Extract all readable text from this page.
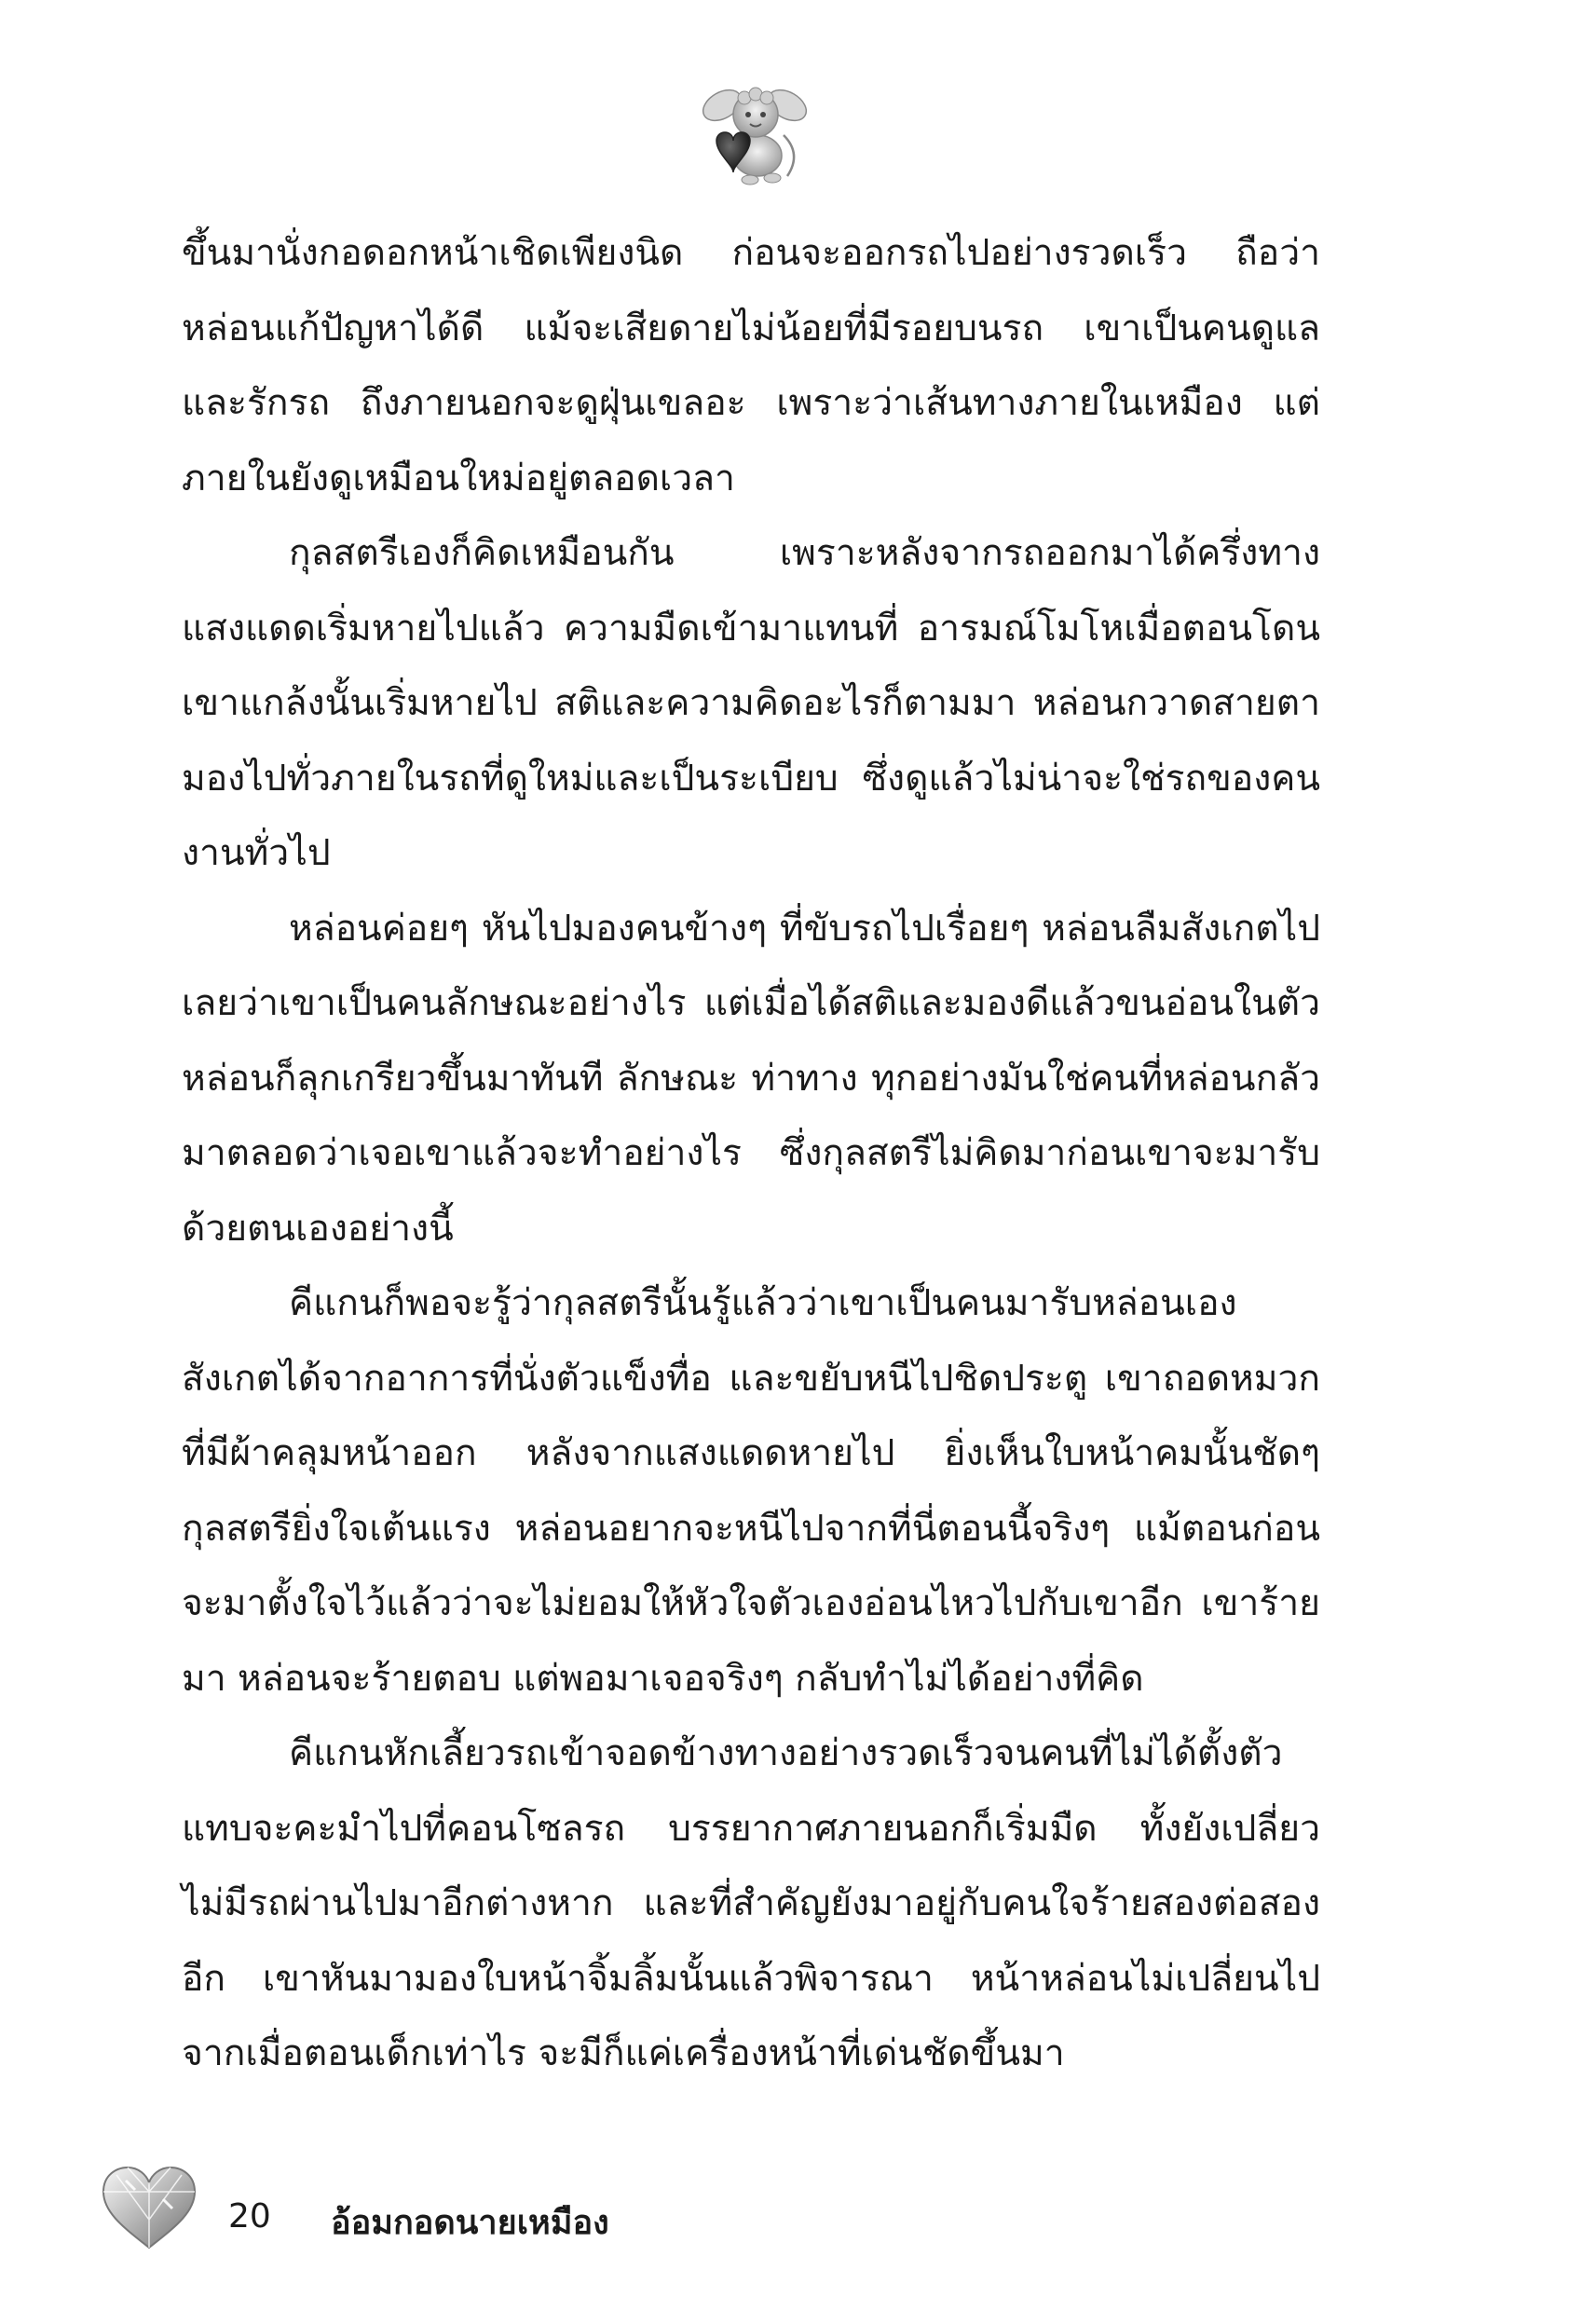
ขึ้นมานั่งกอดอกหน้าเชิดเพียงนิด ก่อนจะออกรถไปอย่างรวดเร็ว ถือว่าหล่อนแก้ปัญหาได้ดี แม้จะเสียดายไม่น้อยที่มีรอยบนรถ เขาเป็นคนดูแลและรักรถ ถึงภายนอกจะดูฝุ่นเขลอะ เพราะว่าเส้นทางภายในเหมือง แต่ภายในยังดูเหมือนใหม่อยู่ตลอดเวลา

กุลสตรีเองก็คิดเหมือนกัน เพราะหลังจากรถออกมาได้ครึ่งทาง แสงแดดเริ่มหายไปแล้ว ความมืดเข้ามาแทนที่ อารมณ์โมโหเมื่อตอนโดนเขาแกล้งนั้นเริ่มหายไป สติและความคิดอะไรก็ตามมา หล่อนกวาดสายตามองไปทั่วภายในรถที่ดูใหม่และเป็นระเบียบ ซึ่งดูแล้วไม่น่าจะใช่รถของคนงานทั่วไป

หล่อนค่อยๆ หันไปมองคนข้างๆ ที่ขับรถไปเรื่อยๆ หล่อนลืมสังเกตไปเลยว่าเขาเป็นคนลักษณะอย่างไร แต่เมื่อได้สติและมองดีแล้วขนอ่อนในตัวหล่อนก็ลุกเกรียวขึ้นมาทันที ลักษณะ ท่าทาง ทุกอย่างมันใช่คนที่หล่อนกลัวมาตลอดว่าเจอเขาแล้วจะทำอย่างไร ซึ่งกุลสตรีไม่คิดมาก่อนเขาจะมารับด้วยตนเองอย่างนี้

คีแกนก็พอจะรู้ว่ากุลสตรีนั้นรู้แล้วว่าเขาเป็นคนมารับหล่อนเองสังเกตได้จากอาการที่นั่งตัวแข็งทื่อ และขยับหนีไปชิดประตู เขาถอดหมวกที่มีผ้าคลุมหน้าออก หลังจากแสงแดดหายไป ยิ่งเห็นใบหน้าคมนั้นชัดๆ กุลสตรียิ่งใจเต้นแรง หล่อนอยากจะหนีไปจากที่นี่ตอนนี้จริงๆ แม้ตอนก่อนจะมาตั้งใจไว้แล้วว่าจะไม่ยอมให้หัวใจตัวเองอ่อนไหวไปกับเขาอีก เขาร้ายมา หล่อนจะร้ายตอบ แต่พอมาเจอจริงๆ กลับทำไม่ได้อย่างที่คิด

คีแกนหักเลี้ยวรถเข้าจอดข้างทางอย่างรวดเร็วจนคนที่ไม่ได้ตั้งตัวแทบจะคะมำไปที่คอนโซลรถ บรรยากาศภายนอกก็เริ่มมืด ทั้งยังเปลี่ยว ไม่มีรถผ่านไปมาอีกต่างหาก และที่สำคัญยังมาอยู่กับคนใจร้ายสองต่อสองอีก เขาหันมามองใบหน้าจิ้มลิ้มนั้นแล้วพิจารณา หน้าหล่อนไม่เปลี่ยนไปจากเมื่อตอนเด็กเท่าไร จะมีก็แค่เครื่องหน้าที่เด่นชัดขึ้นมา

20 อ้อมกอดนายเหมือง
